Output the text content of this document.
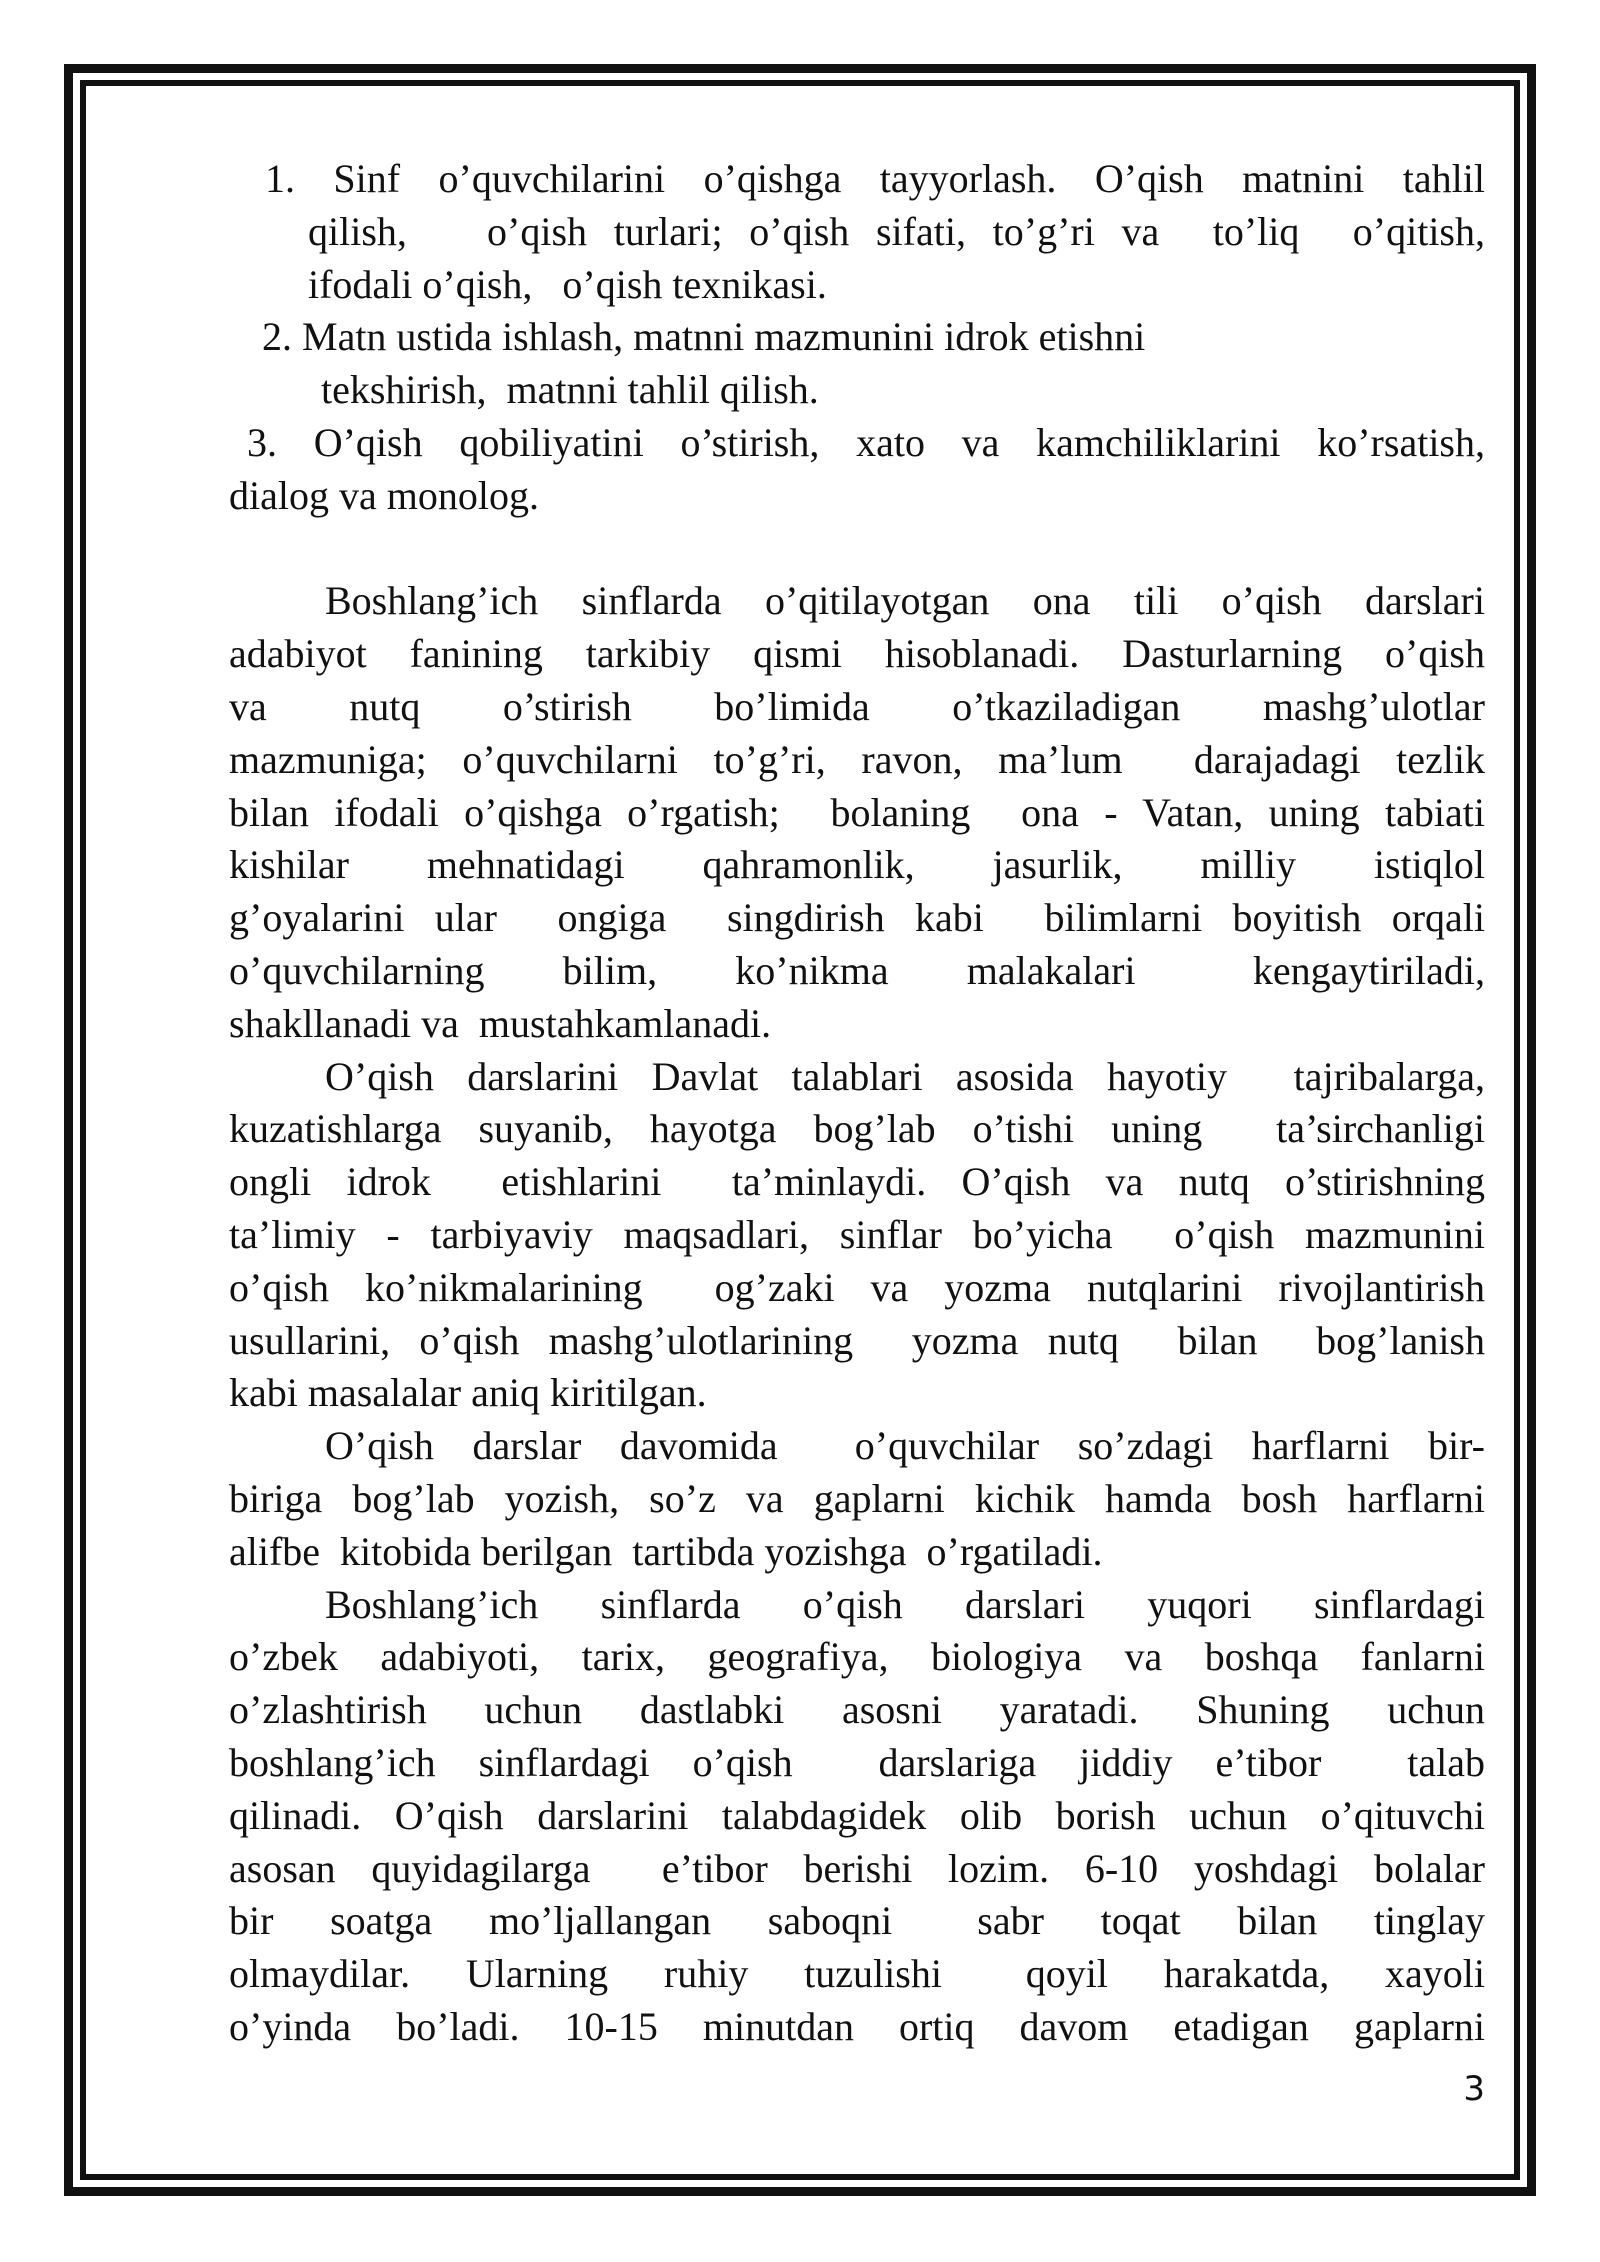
1. Sinf o’quvchilarini o’qishga tayyorlash. O’qish matnini tahlil
qilish,   o’qish turlari; o’qish sifati, to’g’ri va  to’liq  o’qitish,
ifodali o’qish,   o’qish texnikasi.
2. Matn ustida ishlash, matnni mazmunini idrok etishni
tekshirish,  matnni tahlil qilish.
3. O’qish qobiliyatini o’stirish, xato va kamchiliklarini ko’rsatish,
dialog va monolog.
Boshlang’ich sinflarda o’qitilayotgan ona tili o’qish darslari
adabiyot fanining tarkibiy qismi hisoblanadi. Dasturlarning o’qish
va  nutq  o’stirish  bo’limida  o’tkaziladigan  mashg’ulotlar
mazmuniga; o’quvchilarni to’g’ri, ravon, ma’lum  darajadagi tezlik
bilan ifodali o’qishga o’rgatish;  bolaning  ona - Vatan, uning tabiati
kishilar  mehnatidagi  qahramonlik,  jasurlik,  milliy  istiqlol
g’oyalarini ular  ongiga  singdirish kabi  bilimlarni boyitish orqali
o’quvchilarning  bilim,  ko’nikma  malakalari   kengaytiriladi,
shakllanadi va  mustahkamlanadi.
O’qish darslarini Davlat talablari asosida hayotiy  tajribalarga,
kuzatishlarga suyanib, hayotga bog’lab o’tishi uning  ta’sirchanligi
ongli idrok  etishlarini  ta’minlaydi. O’qish va nutq o’stirishning
ta’limiy - tarbiyaviy maqsadlari, sinflar bo’yicha  o’qish mazmunini
o’qish ko’nikmalarining  og’zaki va yozma nutqlarini rivojlantirish
usullarini, o’qish mashg’ulotlarining  yozma nutq  bilan  bog’lanish
kabi masalalar aniq kiritilgan.
O’qish darslar davomida  o’quvchilar so’zdagi harflarni bir-
biriga bog’lab yozish, so’z va gaplarni kichik hamda bosh harflarni
alifbe  kitobida berilgan  tartibda yozishga  o’rgatiladi.
Boshlang’ich  sinflarda  o’qish  darslari  yuqori  sinflardagi
o’zbek adabiyoti, tarix, geografiya, biologiya va boshqa fanlarni
o’zlashtirish  uchun  dastlabki  asosni  yaratadi.  Shuning  uchun
boshlang’ich sinflardagi o’qish  darslariga jiddiy e’tibor  talab
qilinadi. O’qish darslarini talabdagidek olib borish uchun o’qituvchi
asosan quyidagilarga  e’tibor berishi lozim. 6-10 yoshdagi bolalar
bir  soatga  mo’ljallangan  saboqni   sabr  toqat  bilan  tinglay
olmaydilar.  Ularning  ruhiy  tuzulishi   qoyil  harakatda,  xayoli
o’yinda  bo’ladi.  10-15  minutdan  ortiq  davom  etadigan  gaplarni
3
